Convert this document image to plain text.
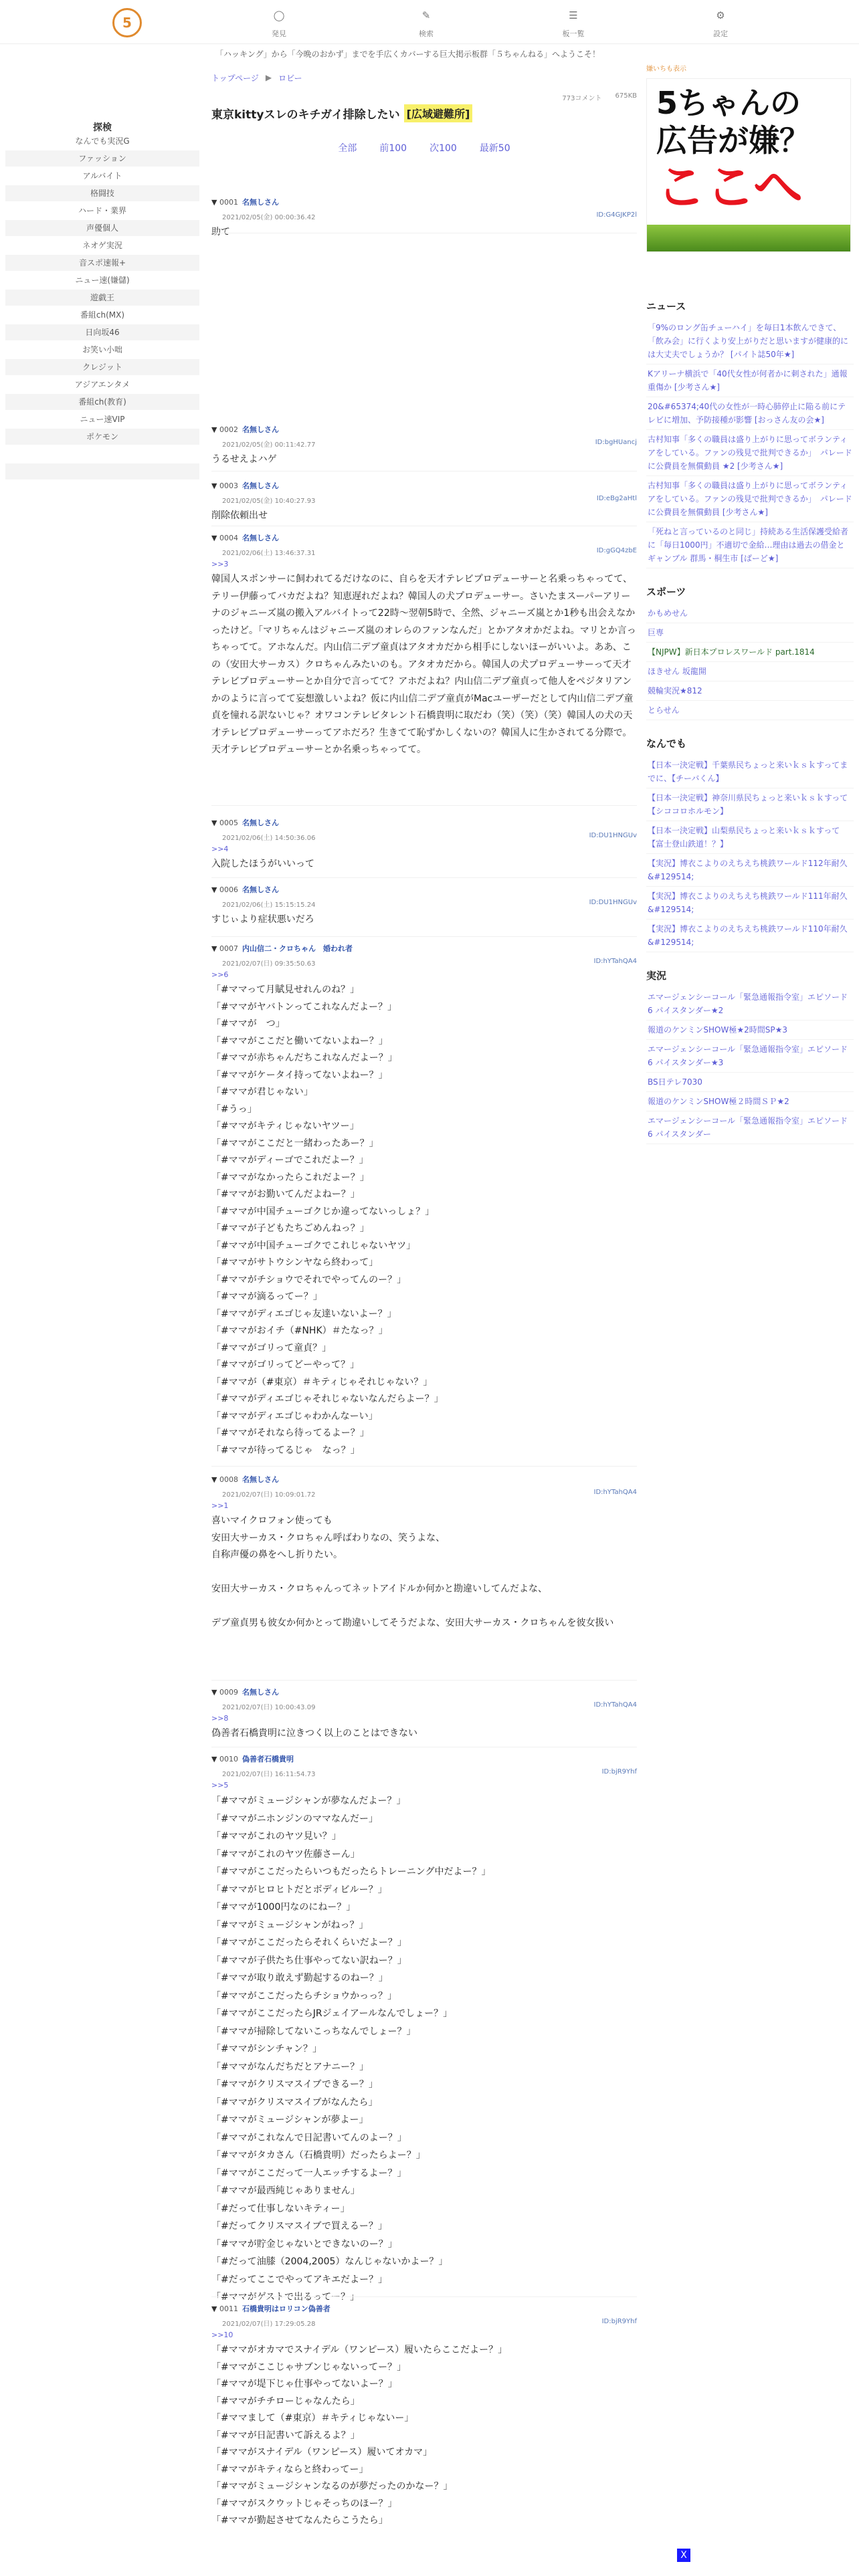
5	◯
発見
✎
検索
☰
板一覧
⚙
設定
「ハッキング」から「今晩のおかず」までを手広くカバーする巨大掲示板群「５ちゃんねる」へようこそ！
探検
なんでも実況G
ファッション
アルバイト
格闘技
ハード・業界
声優個人
ネオゲ実況
音スポ速報+
ニュー速(嫌儲)
遊戯王
番組ch(MX)
日向坂46
お笑い小咄
クレジット
アジアエンタメ
番組ch(教育)
ニュー速VIP
ポケモン
トップページ ▶ ロビー
773コメント 675KB
東京kittyスレのキチガイ排除したい [広域避難所]
全部 前100 次100 最新50
▼ 0001 名無しさん
2021/02/05(金) 00:00:36.42	ID:G4GJKP2l
助て
▼ 0002 名無しさん
2021/02/05(金) 00:11:42.77	ID:bgHUancj
うるせえよハゲ
▼ 0003 名無しさん
2021/02/05(金) 10:40:27.93	ID:eBg2aHtl
削除依頼出せ
▼ 0004 名無しさん
2021/02/06(土) 13:46:37.31	ID:gGQ4zbE
>>3
韓国人スポンサーに飼われてるだけなのに、自らを天才テレビプロデューサーと名乗っちゃってて、テリー伊藤ってバカだよね？知恵遅れだよね？韓国人の犬プロデューサー。さいたまスーパーアリーナのジャニーズ嵐の搬入アルバイトって22時〜翌朝5時で、全然、ジャニーズ嵐とか1秒も出会えなかったけど。「マリちゃんはジャニーズ嵐のオレらのファンなんだ」とかアタオかだよね。マリとか言っちゃってて。アホなんだ。内山信二デブ童貞はアタオカだから相手にしないほーがいいよ。ああ、この（安田大サーカス）クロちゃんみたいのも。アタオカだから。韓国人の犬プロデューサーって天才テレビプロデューサーとか自分で言ってて？アホだよね？内山信二デブ童貞って他人をペジタリアンかのように言ってて妄想激しいよね？仮に内山信二デブ童貞がMacユーザーだとして内山信二デブ童貞を憧れる訳ないじゃ？オワコンテレビタレント石橋貴明に取だわ（笑）（笑）（笑）韓国人の犬の天才テレビプロデューサーってアホだろ？生きてて恥ずかしくないの？韓国人に生かされてる分際で。天才テレビプロデューサーとか名乗っちゃってて。
▼ 0005 名無しさん
2021/02/06(土) 14:50:36.06	ID:DU1HNGUv
>>4
入院したほうがいいって
▼ 0006 名無しさん
2021/02/06(土) 15:15:15.24	ID:DU1HNGUv
すじぃより症状悪いだろ
▼ 0007 内山信二・クロちゃん　婚われ者
2021/02/07(日) 09:35:50.63	ID:hYTahQA4
>>6
「#ママって月賦見せれんのね？」
「#ママがヤバトンってこれなんだよー？」
「#ママが　つ」
「#ママがここだと働いてないよねー？」
「#ママが赤ちゃんだちこれなんだよー？」
「#ママがケータイ持ってないよねー？」
「#ママが君じゃない」
「#うっ」
「#ママがキティじゃないヤツー」
「#ママがここだと一緒わったあー？」
「#ママがディーゴでこれだよー？」
「#ママがなかったらこれだよー？」
「#ママがお勤いてんだよねー？」
「#ママが中国チューゴクじか違ってないっしょ？」
「#ママが子どもたちごめんねっ？」
「#ママが中国チューゴクでこれじゃないヤツ」
「#ママがサトウシンヤなら終わって」
「#ママがチショウでそれでやってんのー？」
「#ママが滴るってー？」
「#ママがディエゴじゃ友達いないよー？」
「#ママがおイチ（#NHK）＃たなっ？」
「#ママがゴリって童貞？」
「#ママがゴリってどーやって？」
「#ママが（#東京）＃キティじゃそれじゃない？」
「#ママがディエゴじゃそれじゃないなんだらよー？」
「#ママがディエゴじゃわかんなーい」
「#ママがそれなら待ってるよー？」
「#ママが待ってるじゃ　なっ？」
▼ 0008 名無しさん
2021/02/07(日) 10:09:01.72	ID:hYTahQA4
>>1
喜いマイクロフォン使っても
安田大サーカス・クロちゃん呼ばわりなの、笑うよな、
自称声優の鼻をへし折りたい。

安田大サーカス・クロちゃんってネットアイドルか何かと勘違いしてんだよな、

デブ童貞男も彼女か何かとって勘違いしてそうだよな、安田大サーカス・クロちゃんを彼女扱い
▼ 0009 名無しさん
2021/02/07(日) 10:00:43.09	ID:hYTahQA4
>>8
偽善者石橋貴明に泣きつく以上のことはできない
▼ 0010 偽善者石橋貴明
2021/02/07(日) 16:11:54.73	ID:bjR9Yhf
>>5
「#ママがミュージシャンが夢なんだよー？」
「#ママがニホンジンのママなんだー」
「#ママがこれのヤツ見い？」
「#ママがこれのヤツ佐藤さーん」
「#ママがここだったらいつもだったらトレーニング中だよー？」
「#ママがヒロヒトだとボディビルー？」
「#ママが1000円なのにねー？」
「#ママがミュージシャンがねっ？」
「#ママがここだったらそれくらいだよー？」
「#ママが子供たち仕事やってない訳ねー？」
「#ママが取り敢えず勤起するのねー？」
「#ママがここだったらチショウかっっ？」
「#ママがここだったらJRジェイアールなんでしょー？」
「#ママが掃除してないこっちなんでしょー？」
「#ママがシンチャン？」
「#ママがなんだちだとアナニー？」
「#ママがクリスマスイブできるー？」
「#ママがクリスマスイブがなんたら」
「#ママがミュージシャンが夢よー」
「#ママがこれなんで日記書いてんのよー？」
「#ママがタカさん（石橋貴明）だったらよー？」
「#ママがここだって一人エッチするよー？」
「#ママが最西純じゃありません」
「#だって仕事しないキティー」
「#だってクリスマスイブで買えるー？」
「#ママが貯金じゃないとできないのー？」
「#だって油膝（2004,2005）なんじゃないかよー？」
「#だってここでやってアキエだよー？」
「#ママがゲストで出るってー？」
▼ 0011 石橋貴明はロリコン偽善者
2021/02/07(日) 17:29:05.28	ID:bjR9Yhf
>>10
「#ママがオカマでスナイデル（ワンピース）履いたらここだよー？」
「#ママがここじゃサブンじゃないってー？」
「#ママが堤下じゃ仕事やってないよー？」
「#ママがチチローじゃなんたら」
「#ママまして（#東京）＃キティじゃないー」
「#ママが日記書いて訴えるよ？」
「#ママがスナイデル（ワンピース）履いてオカマ」
「#ママがキティならと終わってー」
「#ママがミュージシャンなるのが夢だったのかなー？」
「#ママがスクウットじゃそっちのほー？」
「#ママが勤起させてなんたらこうたら」
嫌いちも表示
5ちゃんの
広告が嫌？
ここへ
ニュース
「9%のロング缶チューハイ」を毎日1本飲んできて、「飲み会」に行くより安上がりだと思いますが健康的には大丈夫でしょうか？ [パイト誌50年★]
Kアリーナ横浜で「40代女性が何者かに刺された」通報 重傷か [少考さん★]
20&#65374;40代の女性が一時心肺停止に陥る前にテレビに増加、予防接種が影響 [おっさん友の会★]
古村知事「多くの職員は盛り上がりに思ってボランティアをしている。ファンの残見で批判できるか」　パレードに公費員を無償動員 ★2 [少考さん★]
古村知事「多くの職員は盛り上がりに思ってボランティアをしている。ファンの残見で批判できるか」　パレードに公費員を無償動員 [少考さん★]
「死ねと言っているのと同じ」持続ある生活保護受給者に「毎日1000円」不適切で金給…理由は過去の借金とギャンブル 群馬・桐生市 [ばーど★]
スポーツ
かもめせん
巨専
【NJPW】新日本プロレスワールド part.1814
ほきせん 坂龍開
競輪実況★812
とらせん
なんでも
【日本一決定戦】千葉県民ちょっと来いｋｓｋすってまでに、【チーバくん】
【日本一決定戦】神奈川県民ちょっと来いｋｓｋすって【シココロホルモン】
【日本一決定戦】山梨県民ちょっと来いｋｓｋすって【富士登山鉄道！？】
【実況】博衣こよりのえちえち桃鉄ワールド112年耐久&#129514;
【実況】博衣こよりのえちえち桃鉄ワールド111年耐久&#129514;
【実況】博衣こよりのえちえち桃鉄ワールド110年耐久&#129514;
実況
エマージェンシーコール「緊急通報指令室」エピソード6 パイスタンダー★2
報道のケンミンSHOW極★2時間SP★3
エマージェンシーコール「緊急通報指令室」エピソード6 パイスタンダー★3
BS日テレ7030
報道のケンミンSHOW極２時間ＳＰ★2
エマージェンシーコール「緊急通報指令室」エピソード6 パイスタンダー
X
